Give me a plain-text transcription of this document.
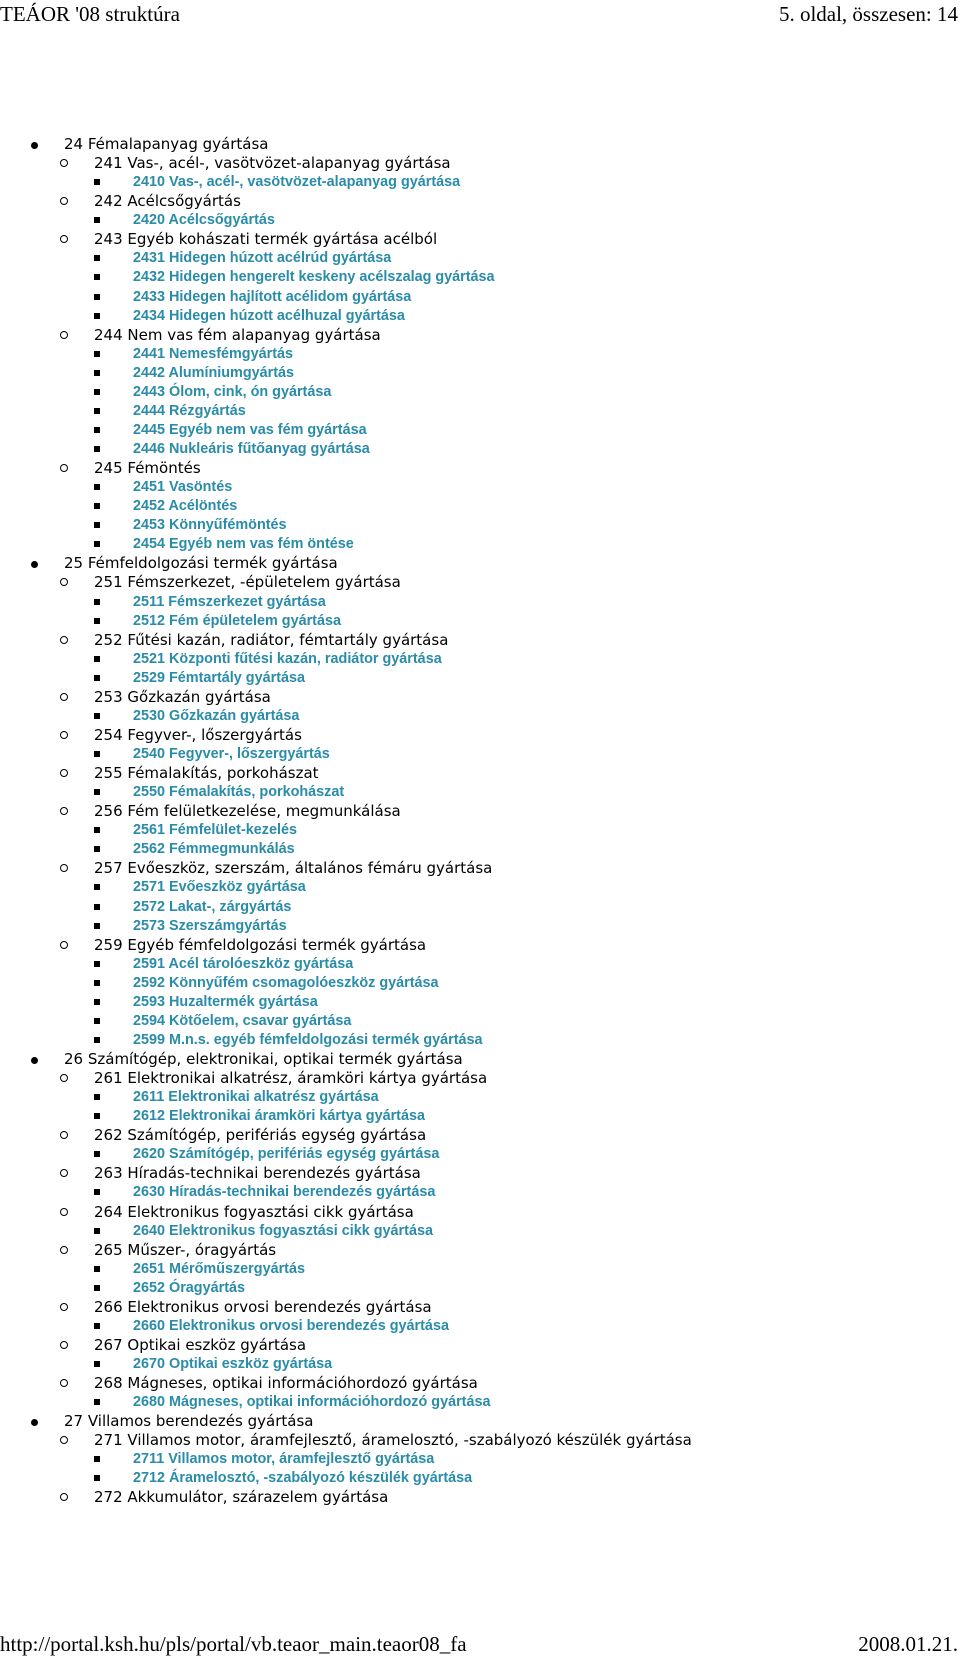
TEÁOR '08 struktúra	5. oldal, összesen: 14
24 Fémalapanyag gyártása
241 Vas-, acél-, vasötvözet-alapanyag gyártása
2410 Vas-, acél-, vasötvözet-alapanyag gyártása
242 Acélcsőgyártás
2420 Acélcsőgyártás
243 Egyéb kohászati termék gyártása acélból
2431 Hidegen húzott acélrúd gyártása
2432 Hidegen hengerelt keskeny acélszalag gyártása
2433 Hidegen hajlított acélidom gyártása
2434 Hidegen húzott acélhuzal gyártása
244 Nem vas fém alapanyag gyártása
2441 Nemesfémgyártás
2442 Alumíniumgyártás
2443 Ólom, cink, ón gyártása
2444 Rézgyártás
2445 Egyéb nem vas fém gyártása
2446 Nukleáris fűtőanyag gyártása
245 Fémöntés
2451 Vasöntés
2452 Acélöntés
2453 Könnyűfémöntés
2454 Egyéb nem vas fém öntése
25 Fémfeldolgozási termék gyártása
251 Fémszerkezet, -épületelem gyártása
2511 Fémszerkezet gyártása
2512 Fém épületelem gyártása
252 Fűtési kazán, radiátor, fémtartály gyártása
2521 Központi fűtési kazán, radiátor gyártása
2529 Fémtartály gyártása
253 Gőzkazán gyártása
2530 Gőzkazán gyártása
254 Fegyver-, lőszergyártás
2540 Fegyver-, lőszergyártás
255 Fémalakítás, porkohászat
2550 Fémalakítás, porkohászat
256 Fém felületkezelése, megmunkálása
2561 Fémfelület-kezelés
2562 Fémmegmunkálás
257 Evőeszköz, szerszám, általános fémáru gyártása
2571 Evőeszköz gyártása
2572 Lakat-, zárgyártás
2573 Szerszámgyártás
259 Egyéb fémfeldolgozási termék gyártása
2591 Acél tárolóeszköz gyártása
2592 Könnyűfém csomagolóeszköz gyártása
2593 Huzaltermék gyártása
2594 Kötőelem, csavar gyártása
2599 M.n.s. egyéb fémfeldolgozási termék gyártása
26 Számítógép, elektronikai, optikai termék gyártása
261 Elektronikai alkatrész, áramköri kártya gyártása
2611 Elektronikai alkatrész gyártása
2612 Elektronikai áramköri kártya gyártása
262 Számítógép, perifériás egység gyártása
2620 Számítógép, perifériás egység gyártása
263 Híradás-technikai berendezés gyártása
2630 Híradás-technikai berendezés gyártása
264 Elektronikus fogyasztási cikk gyártása
2640 Elektronikus fogyasztási cikk gyártása
265 Műszer-, óragyártás
2651 Mérőműszergyártás
2652 Óragyártás
266 Elektronikus orvosi berendezés gyártása
2660 Elektronikus orvosi berendezés gyártása
267 Optikai eszköz gyártása
2670 Optikai eszköz gyártása
268 Mágneses, optikai információhordozó gyártása
2680 Mágneses, optikai információhordozó gyártása
27 Villamos berendezés gyártása
271 Villamos motor, áramfejlesztő, áramelosztó, -szabályozó készülék gyártása
2711 Villamos motor, áramfejlesztő gyártása
2712 Áramelosztó, -szabályozó készülék gyártása
272 Akkumulátor, szárazelem gyártása
http://portal.ksh.hu/pls/portal/vb.teaor_main.teaor08_fa	2008.01.21.
